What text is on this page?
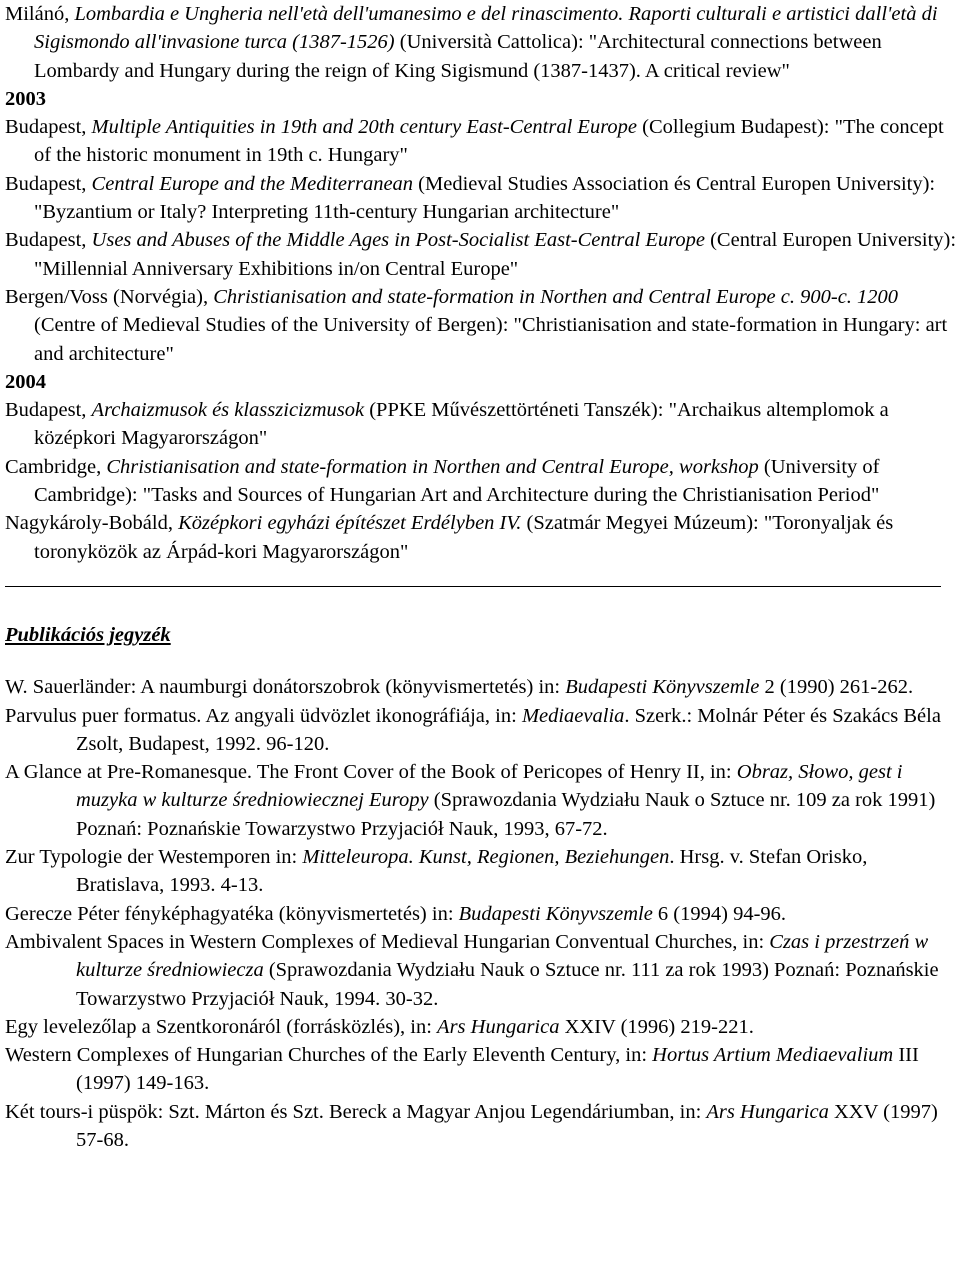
Milánó, Lombardia e Ungheria nell'età dell'umanesimo e del rinascimento. Raporti culturali e artistici dall'età di Sigismondo all'invasione turca (1387-1526) (Università Cattolica): "Architectural connections between Lombardy and Hungary during the reign of King Sigismund (1387-1437). A critical review"

2003

Budapest, Multiple Antiquities in 19th and 20th century East-Central Europe (Collegium Budapest): "The concept of the historic monument in 19th c. Hungary"

Budapest, Central Europe and the Mediterranean (Medieval Studies Association és Central Europen University): "Byzantium or Italy? Interpreting 11th-century Hungarian architecture"

Budapest, Uses and Abuses of the Middle Ages in Post-Socialist East-Central Europe (Central Europen University): "Millennial Anniversary Exhibitions in/on Central Europe"

Bergen/Voss (Norvégia), Christianisation and state-formation in Northen and Central Europe c. 900-c. 1200 (Centre of Medieval Studies of the University of Bergen): "Christianisation and state-formation in Hungary: art and architecture"

2004

Budapest, Archaizmusok és klasszicizmusok (PPKE Művészettörténeti Tanszék): "Archaikus altemplomok a középkori Magyarországon"

Cambridge, Christianisation and state-formation in Northen and Central Europe, workshop (University of Cambridge): "Tasks and Sources of Hungarian Art and Architecture during the Christianisation Period"

Nagykároly-Bobáld, Középkori egyházi építészet Erdélyben IV. (Szatmár Megyei Múzeum): "Toronyaljak és toronyközök az Árpád-kori Magyarországon"

Publikációs jegyzék

W. Sauerländer: A naumburgi donátorszobrok (könyvismertetés) in: Budapesti Könyvszemle 2 (1990) 261-262.

Parvulus puer formatus. Az angyali üdvözlet ikonográfiája, in: Mediaevalia. Szerk.: Molnár Péter és Szakács Béla Zsolt, Budapest, 1992. 96-120.

A Glance at Pre-Romanesque. The Front Cover of the Book of Pericopes of Henry II, in: Obraz, Słowo, gest i muzyka w kulturze średniowiecznej Europy (Sprawozdania Wydziału Nauk o Sztuce nr. 109 za rok 1991) Poznań: Poznańskie Towarzystwo Przyjaciół Nauk, 1993, 67-72.

Zur Typologie der Westemporen in: Mitteleuropa. Kunst, Regionen, Beziehungen. Hrsg. v. Stefan Orisko, Bratislava, 1993. 4-13.

Gerecze Péter fényképhagyatéka (könyvismertetés) in: Budapesti Könyvszemle 6 (1994) 94-96.

Ambivalent Spaces in Western Complexes of Medieval Hungarian Conventual Churches, in: Czas i przestrzeń w kulturze średniowiecza (Sprawozdania Wydziału Nauk o Sztuce nr. 111 za rok 1993) Poznań: Poznańskie Towarzystwo Przyjaciół Nauk, 1994. 30-32.

Egy levelezőlap a Szentkoronáról (forrásközlés), in: Ars Hungarica XXIV (1996) 219-221.

Western Complexes of Hungarian Churches of the Early Eleventh Century, in: Hortus Artium Mediaevalium III (1997) 149-163.

Két tours-i püspök: Szt. Márton és Szt. Bereck a Magyar Anjou Legendáriumban, in: Ars Hungarica XXV (1997) 57-68.
